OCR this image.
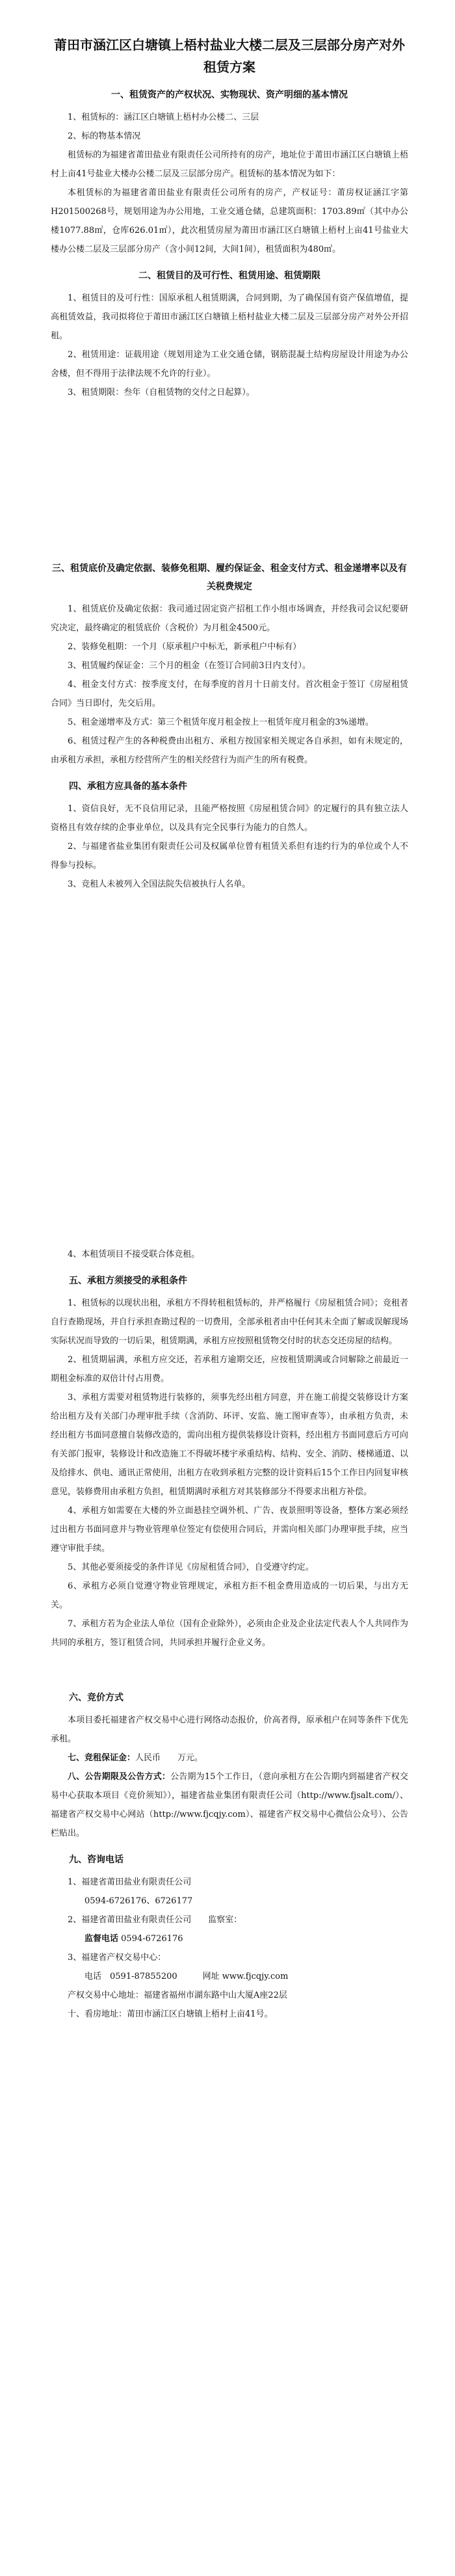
莆田市涵江区白塘镇上梧村盐业大楼二层及三层部分房产对外租赁方案
一、租赁资产的产权状况、实物现状、资产明细的基本情况

1、租赁标的：涵江区白塘镇上梧村办公楼二、三层

2、标的物基本情况

租赁标的为福建省莆田盐业有限责任公司所持有的房产，地址位于莆田市涵江区白塘镇上梧村上亩41号盐业大楼办公楼二层及三层部分房产。租赁标的基本情况为如下：

本租赁标的为福建省莆田盐业有限责任公司所有的房产，产权证号：莆房权证涵江字第H201500268号，规划用途为办公用地，工业交通仓储，总建筑面积：1703.89㎡（其中办公楼1077.88㎡，仓库626.01㎡），此次租赁房屋为莆田市涵江区白塘镇上梧村上亩41号盐业大楼办公楼二层及三层部分房产（含小间12间，大间1间），租赁面积为480㎡。

二、租赁目的及可行性、租赁用途、租赁期限

1、租赁目的及可行性：国原承租人租赁期满，合同到期，为了确保国有资产保值增值，提高租赁效益，我司拟将位于莆田市涵江区白塘镇上梧村盐业大楼二层及三层部分房产对外公开招租。

2、租赁用途：证载用途（规划用途为工业交通仓储，钢筋混凝土结构房屋设计用途为办公舍楼，但不得用于法律法规不允许的行业）。

3、租赁期限：叁年（自租赁物的交付之日起算）。

三、租赁底价及确定依据、装修免租期、履约保证金、租金支付方式、租金递增率以及有关税费规定

1、租赁底价及确定依据：我司通过固定资产招租工作小组市场调查，并经我司会议纪要研究决定，最终确定的租赁底价（含税价）为月租金4500元。

2、装修免租期：一个月（原承租户中标无，新承租户中标有）

3、租赁履约保证金：三个月的租金（在签订合同前3日内支付）。

4、租金支付方式：按季度支付，在每季度的首月十日前支付。首次租金于签订《房屋租赁合同》当日即付，先交后用。

5、租金递增率及方式：第三个租赁年度月租金按上一租赁年度月租金的3%递增。

6、租赁过程产生的各种税费由出租方、承租方按国家相关规定各自承担，如有未规定的，由承租方承担，承租方经营所产生的相关经营行为而产生的所有税费。

四、承租方应具备的基本条件

1、资信良好，无不良信用记录，且能严格按照《房屋租赁合同》的定履行的具有独立法人资格且有效存续的企事业单位，以及具有完全民事行为能力的自然人。

2、与福建省盐业集团有限责任公司及权属单位曾有租赁关系但有违约行为的单位或个人不得参与投标。

3、竞租人未被列入全国法院失信被执行人名单。

4、本租赁项目不接受联合体竞租。

五、承租方须接受的承租条件

1、租赁标的以现状出租，承租方不得转租租赁标的，并严格履行《房屋租赁合同》；竞租者自行查勘现场，并自行承担查勘过程的一切费用，全部承租者由中任何其未全面了解或误解现场实际状况而导致的一切后果，租赁期满，承租方应按照租赁物交付时的状态交还房屋的结构。

2、租赁期届满，承租方应交还，若承租方逾期交还，应按租赁期满或合同解除之前最近一期租金标准的双倍计付占用费。

3、承租方需要对租赁物进行装修的，须事先经出租方同意，并在施工前提交装修设计方案给出租方及有关部门办理审批手续（含消防、环评、安监、施工图审查等），由承租方负责，未经出租方书面同意擅自装修改造的，需向出租方提供装修设计资料，经出租方书面同意后方可向有关部门报审，装修设计和改造施工不得破坏楼宇承重结构、结构、安全、消防、楼梯通道、以及给排水、供电、通讯正常使用，出租方在收到承租方完整的设计资料后15个工作日内回复审核意见，装修费用由承租方负担，租赁期满时承租方对其装修部分不得要求出租方补偿。

4、承租方如需要在大楼的外立面悬挂空调外机、广告、夜景照明等设备，整体方案必须经过出租方书面同意并与物业管理单位签定有偿使用合同后，并需向相关部门办理审批手续，应当遵守审批手续。

5、其他必要须接受的条件详见《房屋租赁合同》，自受遵守约定。

6、承租方必须自觉遵守物业管理规定，承租方拒不租金费用造成的一切后果，与出方无关。

7、承租方若为企业法人单位（国有企业除外），必须由企业及企业法定代表人个人共同作为共同的承租方，签订租赁合同，共同承担并履行企业义务。

六、竞价方式

本项目委托福建省产权交易中心进行网络动态报价，价高者得，原承租户在同等条件下优先承租。

七、竞租保证金：人民币　　万元。

八、公告期限及公告方式：公告期为15个工作日，（意向承租方在公告期内到福建省产权交易中心获取本项目《竞价须知》），福建省盐业集团有限责任公司（http://www.fjsalt.com/）、福建省产权交易中心网站（http://www.fjcqjy.com）、福建省产权交易中心微信公众号）、公告栏贴出。

九、咨询电话

1、福建省莆田盐业有限责任公司

0594-6726176、6726177

2、福建省莆田盐业有限责任公司　　监察室：

监督电话 0594-6726176

3、福建省产权交易中心：

电话　0591-87855200　　　网址 www.fjcqjy.com

产权交易中心地址：福建省福州市湖东路中山大厦A座22层

十、看房地址：莆田市涵江区白塘镇上梧村上亩41号。
